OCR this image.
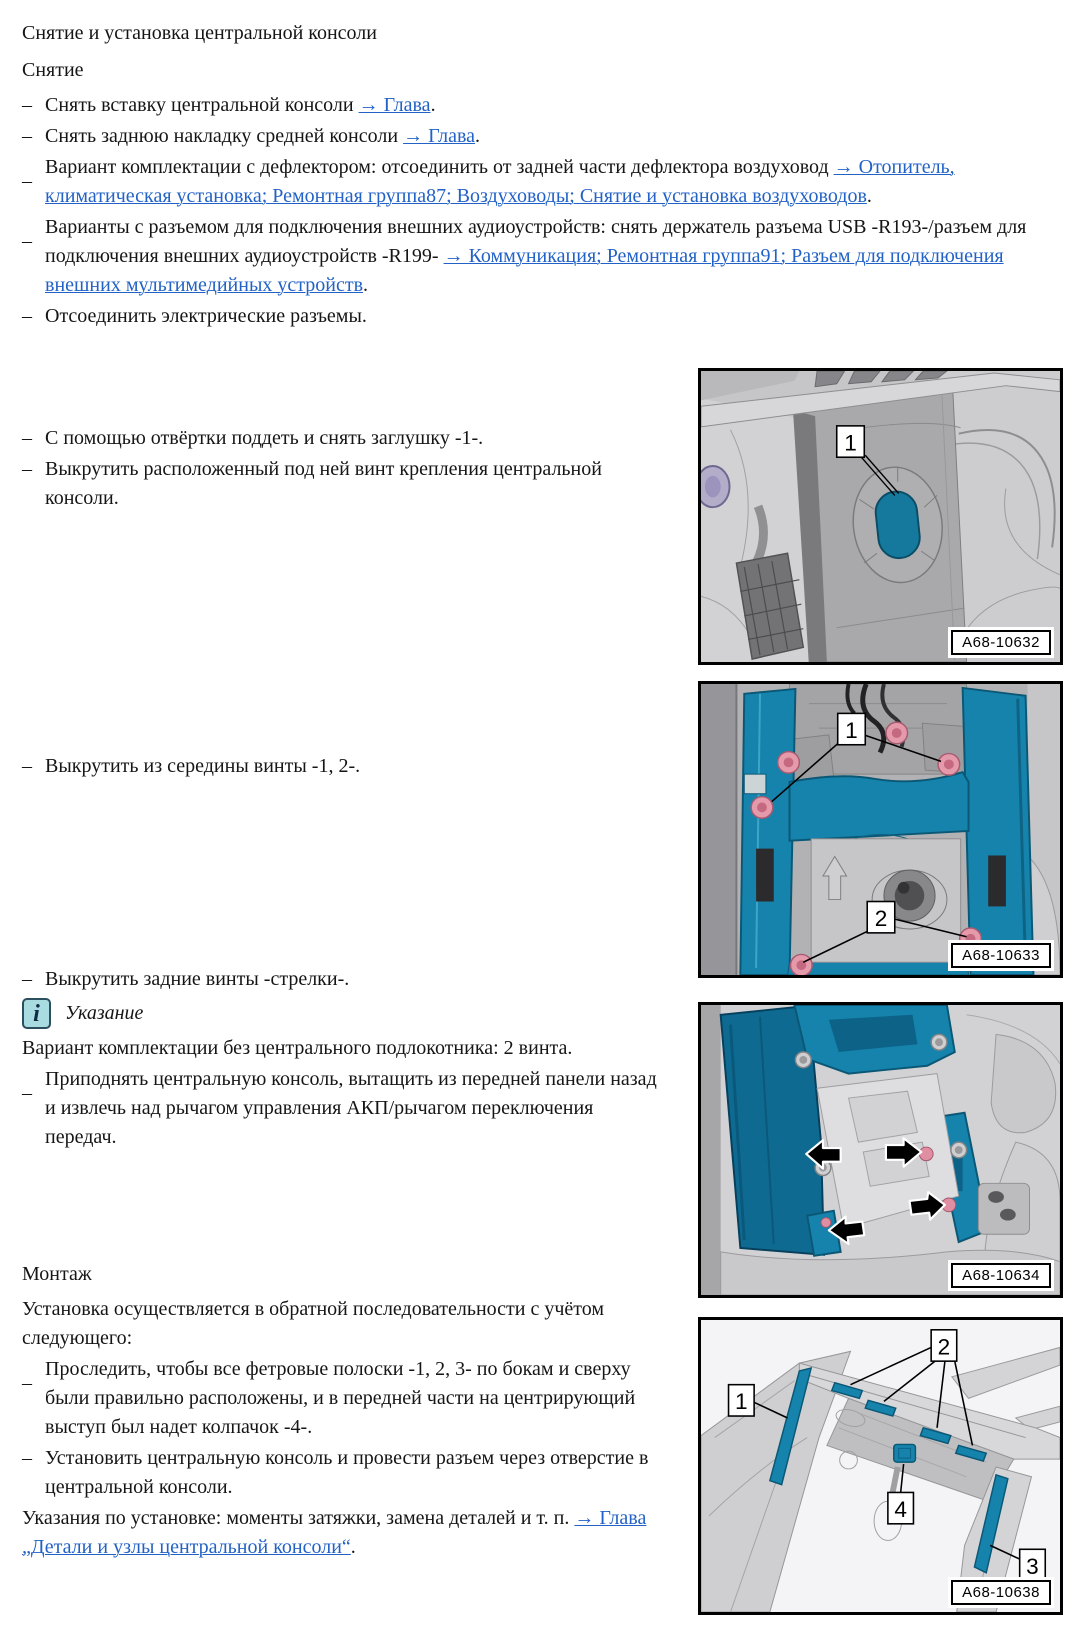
Снятие и установка центральной консоли
Снятие
– Снять вставку центральной консоли → Глава.
– Снять заднюю накладку средней консоли → Глава.
–
Вариант комплектации с дефлектором: отсоединить от задней части дефлектора воздуховод → Отопитель, климатическая установка; Ремонтная группа87; Воздуховоды; Снятие и установка воздуховодов.
–
Варианты с разъемом для подключения внешних аудиоустройств: снять держатель разъема USB -R193-/разъем для подключения внешних аудиоустройств -R199- → Коммуникация; Ремонтная группа91; Разъем для подключения внешних мультимедийных устройств.
– Отсоединить электрические разъемы.
– С помощью отвёртки поддеть и снять заглушку -1-.
– Выкрутить расположенный под ней винт крепления центральной консоли.
– Выкрутить из середины винты -1, 2-.
– Выкрутить задние винты -стрелки-.
i	Указание
Вариант комплектации без центрального подлокотника: 2 винта.
–
Приподнять центральную консоль, вытащить из передней панели назад и извлечь над рычагом управления АКП/​рычагом переключения передач.
Монтаж
Установка осуществляется в обратной последовательности с учётом следующего:
–
Проследить, чтобы все фетровые полоски -1, 2, 3- по бокам и сверху были правильно расположены, и в передней части на центрирующий выступ был надет колпачок -4-.
– Установить центральную консоль и провести разъем через отверстие в центральной консоли.
Указания по установке: моменты затяжки, замена деталей и т. п. → Глава „Детали и узлы центральной консоли“.
1
A68-10632
1
2
A68-10633
A68-10634
1
2
3
4
A68-10638
